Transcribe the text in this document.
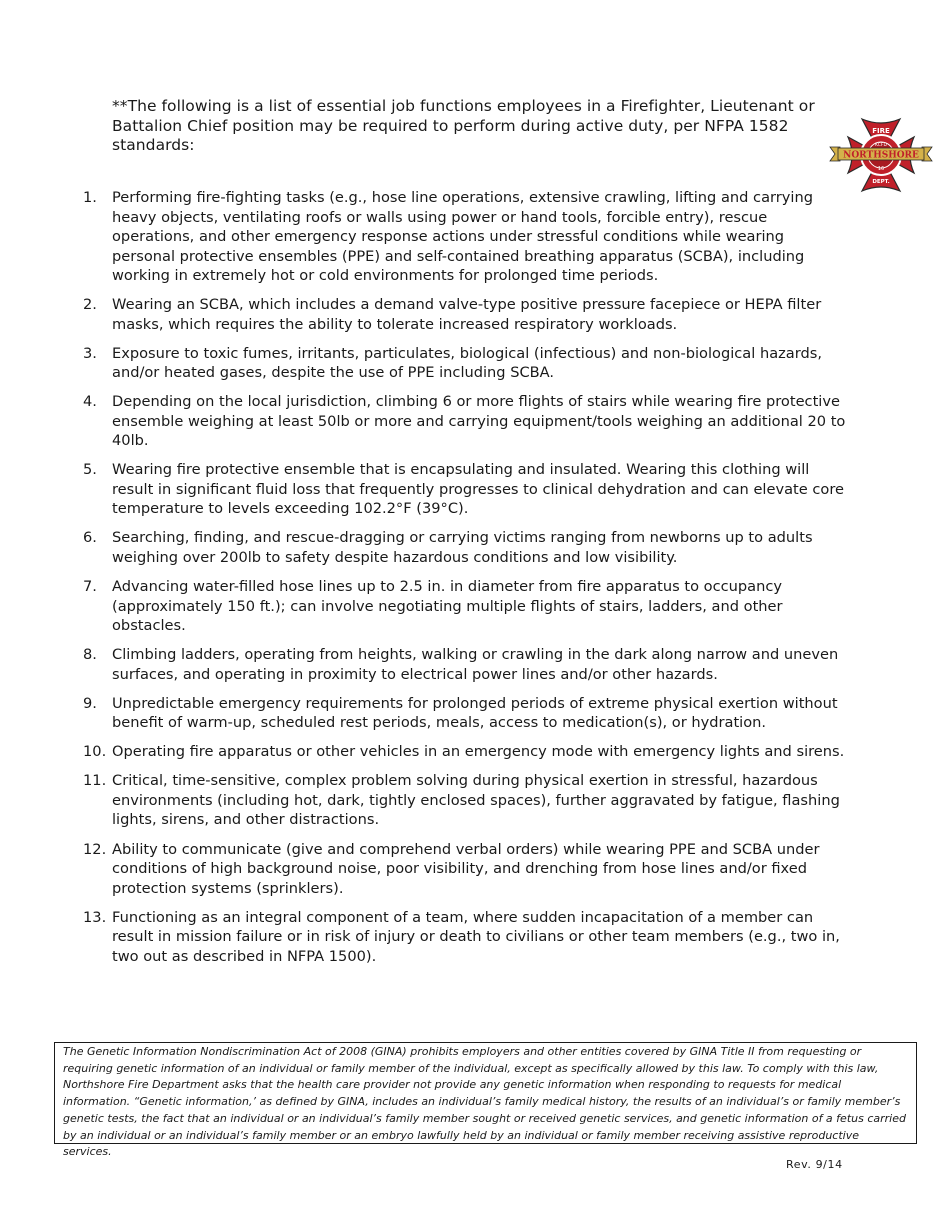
**The following is a list of essential job functions employees in a Firefighter, Lieutenant or Battalion Chief position may be required to perform during active duty, per NFPA 1582 standards:
FIRE
KCFD
NORTHSHORE
16
DEPT.
1.	Performing fire-fighting tasks (e.g., hose line operations, extensive crawling, lifting and carrying heavy objects, ventilating roofs or walls using power or hand tools, forcible entry), rescue operations, and other emergency response actions under stressful conditions while wearing personal protective ensembles (PPE) and self-contained breathing apparatus (SCBA), including working in extremely hot or cold environments for prolonged time periods.
2.	Wearing an SCBA, which includes a demand valve-type positive pressure facepiece or HEPA filter masks, which requires the ability to tolerate increased respiratory workloads.
3.	Exposure to toxic fumes, irritants, particulates, biological (infectious) and non-biological hazards, and/or heated gases, despite the use of PPE including SCBA.
4.	Depending on the local jurisdiction, climbing 6 or more flights of stairs while wearing fire protective ensemble weighing at least 50lb or more and carrying equipment/tools weighing an additional 20 to 40lb.
5.	Wearing fire protective ensemble that is encapsulating and insulated. Wearing this clothing will result in significant fluid loss that frequently progresses to clinical dehydration and can elevate core temperature to levels exceeding 102.2°F (39°C).
6.	Searching, finding, and rescue-dragging or carrying victims ranging from newborns up to adults weighing over 200lb to safety despite hazardous conditions and low visibility.
7.	Advancing water-filled hose lines up to 2.5 in. in diameter from fire apparatus to occupancy (approximately 150 ft.); can involve negotiating multiple flights of stairs, ladders, and other obstacles.
8.	Climbing ladders, operating from heights, walking or crawling in the dark along narrow and uneven surfaces, and operating in proximity to electrical power lines and/or other hazards.
9.	Unpredictable emergency requirements for prolonged periods of extreme physical exertion without benefit of warm-up, scheduled rest periods, meals, access to medication(s), or hydration.
10. Operating fire apparatus or other vehicles in an emergency mode with emergency lights and sirens.
11. Critical, time-sensitive, complex problem solving during physical exertion in stressful, hazardous environments (including hot, dark, tightly enclosed spaces), further aggravated by fatigue, flashing lights, sirens, and other distractions.
12. Ability to communicate (give and comprehend verbal orders) while wearing PPE and SCBA under conditions of high background noise, poor visibility, and drenching from hose lines and/or fixed protection systems (sprinklers).
13. Functioning as an integral component of a team, where sudden incapacitation of a member can result in mission failure or in risk of injury or death to civilians or other team members (e.g., two in, two out as described in NFPA 1500).
The Genetic Information Nondiscrimination Act of 2008 (GINA) prohibits employers and other entities covered by GINA Title II from requesting or requiring genetic information of an individual or family member of the individual, except as specifically allowed by this law. To comply with this law, Northshore Fire Department asks that the health care provider not provide any genetic information when responding to requests for medical information. “Genetic information,’ as defined by GINA, includes an individual’s family medical history, the results of an individual’s or family member’s genetic tests, the fact that an individual or an individual’s family member sought or received genetic services, and genetic information of a fetus carried by an individual or an individual’s family member or an embryo lawfully held by an individual or family member receiving assistive reproductive services.
Rev. 9/14
